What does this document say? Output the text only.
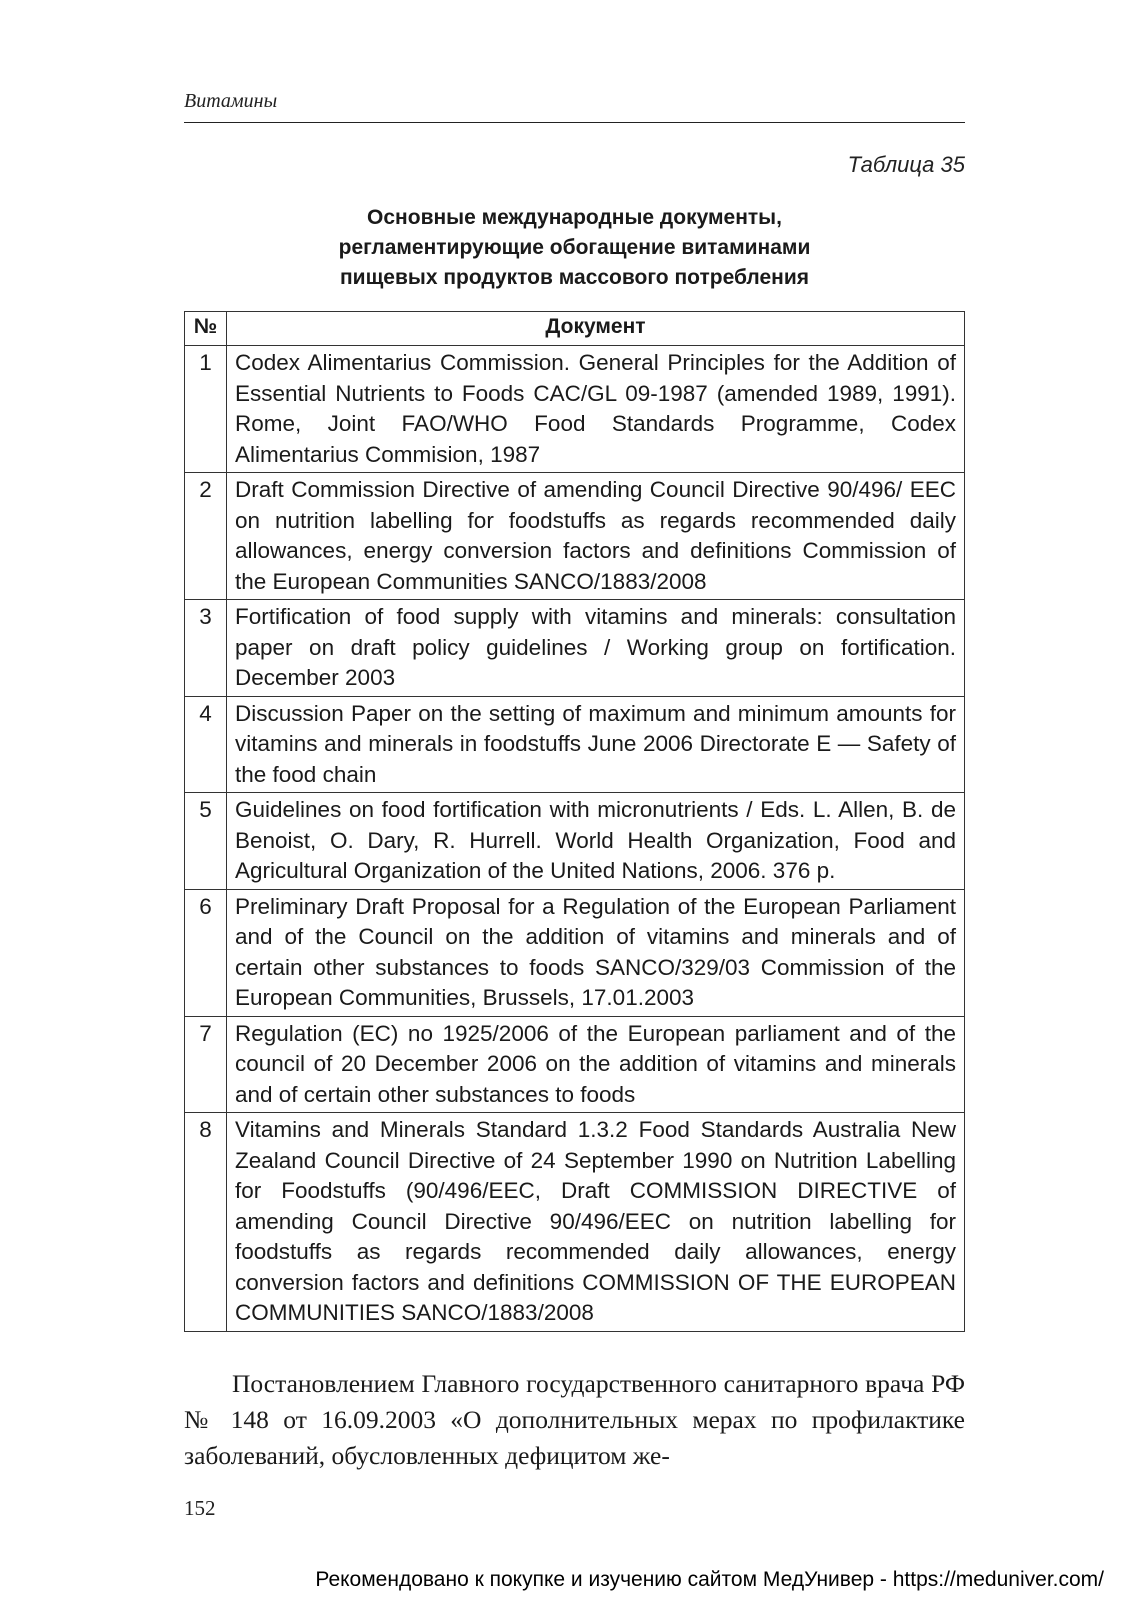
Витамины
Таблица 35
Основные международные документы,
регламентирующие обогащение витаминами
пищевых продуктов массового потребления
№	Документ
1	Codex Alimentarius Commission. General Principles for the Addition of Essential Nutrients to Foods CAC/GL 09-1987 (amended 1989, 1991). Rome, Joint FAO/WHO Food Standards Programme, Codex Alimentarius Commision, 1987
2	Draft Commission Directive of amending Council Directive 90/496/ EEC on nutrition labelling for foodstuffs as regards recommended daily allowances, energy conversion factors and definitions Commission of the European Communities SANCO/1883/2008
3	Fortification of food supply with vitamins and minerals: consultation paper on draft policy guidelines / Working group on fortification. December 2003
4	Discussion Paper on the setting of maximum and minimum amounts for vitamins and minerals in foodstuffs June 2006 Directorate E — Safety of the food chain
5	Guidelines on food fortification with micronutrients / Eds. L. Allen, B. de Benoist, O. Dary, R. Hurrell. World Health Organization, Food and Agricultural Organization of the United Nations, 2006. 376 p.
6	Preliminary Draft Proposal for a Regulation of the European Parliament and of the Council on the addition of vitamins and minerals and of certain other substances to foods SANCO/329/03 Commission of the European Communities, Brussels, 17.01.2003
7	Regulation (EC) no 1925/2006 of the European parliament and of the council of 20 December 2006 on the addition of vitamins and minerals and of certain other substances to foods
8	Vitamins and Minerals Standard 1.3.2 Food Standards Australia New Zealand Council Directive of 24 September 1990 on Nutrition Labelling for Foodstuffs (90/496/EEC, Draft COMMISSION DIRECTIVE of amending Council Directive 90/496/EEC on nutrition labelling for foodstuffs as regards recommended daily allowances, energy conversion factors and definitions COMMISSION OF THE EUROPEAN COMMUNITIES SANCO/1883/2008

Постановлением Главного государственного санитарного врача РФ № 148 от 16.09.2003 «О дополнительных мерах по профилактике заболеваний, обусловленных дефицитом же-

152
Рекомендовано к покупке и изучению сайтом МедУнивер - https://meduniver.com/
